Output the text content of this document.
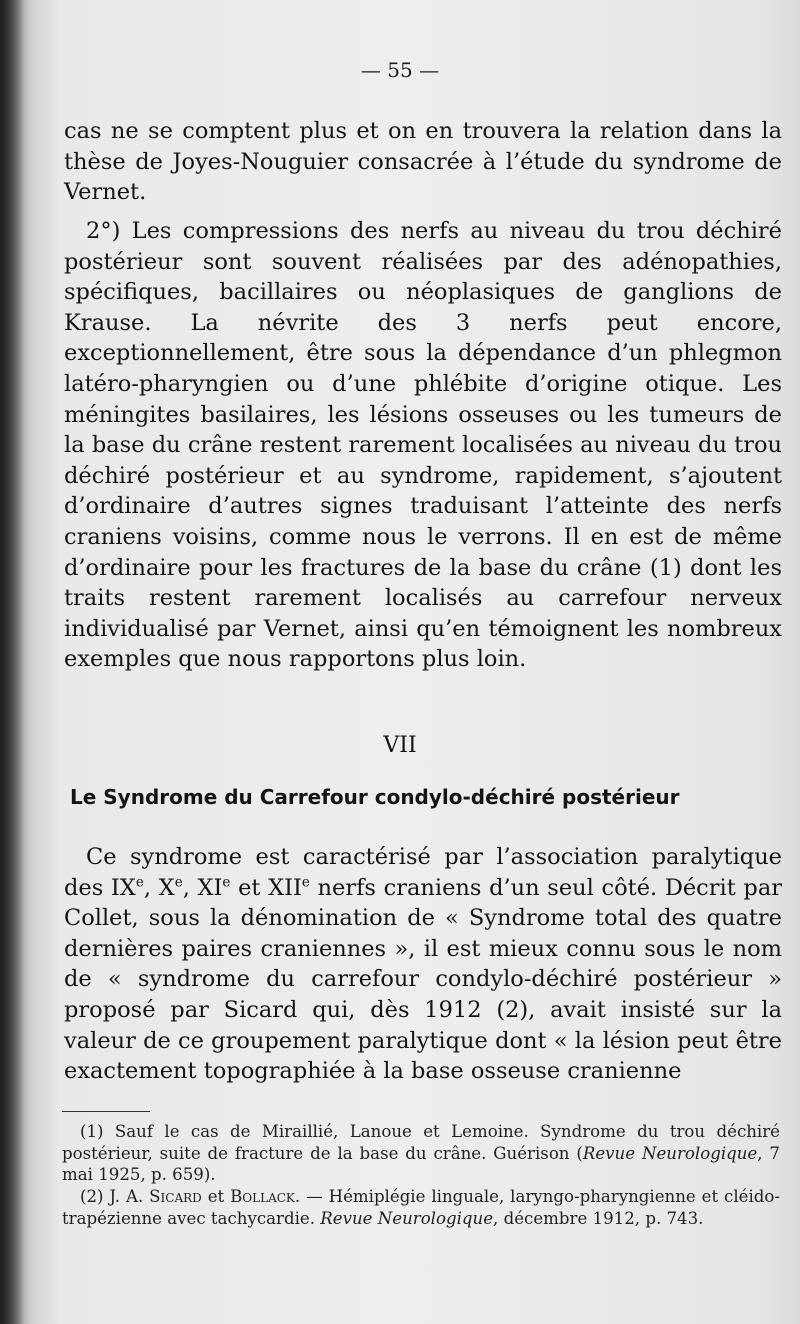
— 55 —

cas ne se comptent plus et on en trouvera la relation dans la thèse de Joyes-Nouguier consacrée à l’étude du syndrome de Vernet.

2°) Les compressions des nerfs au niveau du trou déchiré postérieur sont souvent réalisées par des adénopathies, spécifiques, bacillaires ou néoplasiques de ganglions de Krause. La névrite des 3 nerfs peut encore, exceptionnellement, être sous la dépendance d’un phlegmon latéro-pharyngien ou d’une phlébite d’origine otique. Les méningites basilaires, les lésions osseuses ou les tumeurs de la base du crâne restent rarement localisées au niveau du trou déchiré postérieur et au syndrome, rapidement, s’ajoutent d’ordinaire d’autres signes traduisant l’atteinte des nerfs craniens voisins, comme nous le verrons. Il en est de même d’ordinaire pour les fractures de la base du crâne (1) dont les traits restent rarement localisés au carrefour nerveux individualisé par Vernet, ainsi qu’en témoignent les nombreux exemples que nous rapportons plus loin.

VII
Le Syndrome du Carrefour condylo-déchiré postérieur

Ce syndrome est caractérisé par l’association paralytique des IXe, Xe, XIe et XIIe nerfs craniens d’un seul côté. Décrit par Collet, sous la dénomination de « Syndrome total des quatre dernières paires craniennes », il est mieux connu sous le nom de « syndrome du carrefour condylo-déchiré postérieur » proposé par Sicard qui, dès 1912 (2), avait insisté sur la valeur de ce groupement paralytique dont « la lésion peut être exactement topographiée à la base osseuse cranienne

(1) Sauf le cas de Miraillié, Lanoue et Lemoine. Syndrome du trou déchiré postérieur, suite de fracture de la base du crâne. Guérison (Revue Neurologique, 7 mai 1925, p. 659).

(2) J. A. Sicard et Bollack. — Hémiplégie linguale, laryngo-pharyngienne et cléido-trapézienne avec tachycardie. Revue Neurologique, décembre 1912, p. 743.
